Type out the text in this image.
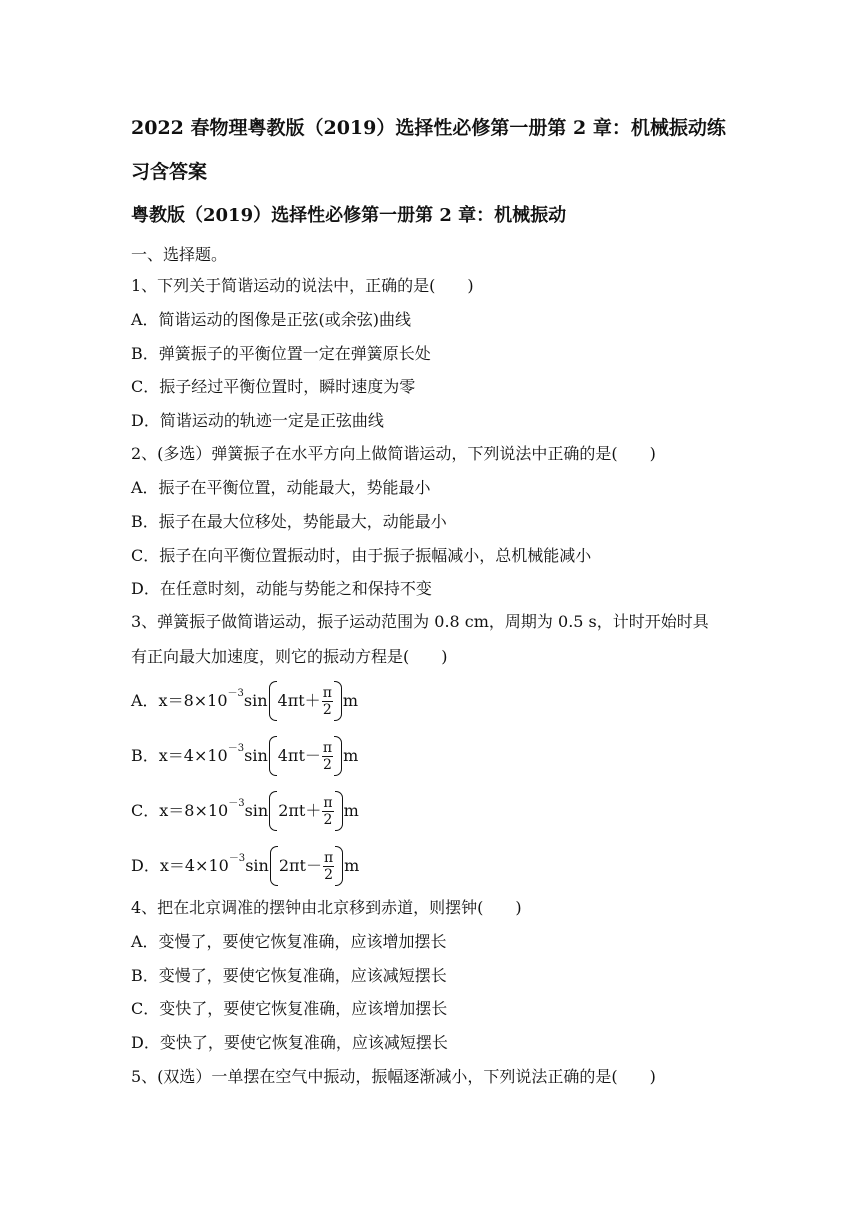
2022 春物理粤教版（2019）选择性必修第一册第 2 章：机械振动练
习含答案
粤教版（2019）选择性必修第一册第 2 章：机械振动
一、选择题。
1、下列关于简谐运动的说法中，正确的是(　　)
A．简谐运动的图像是正弦(或余弦)曲线
B．弹簧振子的平衡位置一定在弹簧原长处
C．振子经过平衡位置时，瞬时速度为零
D．简谐运动的轨迹一定是正弦曲线
2、(多选）弹簧振子在水平方向上做简谐运动，下列说法中正确的是(　　)
A．振子在平衡位置，动能最大，势能最小
B．振子在最大位移处，势能最大，动能最小
C．振子在向平衡位置振动时，由于振子振幅减小，总机械能减小
D．在任意时刻，动能与势能之和保持不变
3、弹簧振子做简谐运动，振子运动范围为 0.8 cm，周期为 0.5 s，计时开始时具
有正向最大加速度，则它的振动方程是(　　)
A．x＝8×10 －3 $\sin 4\pi t+ \frac{\pi}{2}$ m
B．x＝4×10 －3 $\sin 4\pi t- \frac{\pi}{2}$ m
C．x＝8×10 －3 $\sin 2\pi t+ \frac{\pi}{2}$ m
D．x＝4×10 －3 $\sin 2\pi t- \frac{\pi}{2}$ m
4、把在北京调准的摆钟由北京移到赤道，则摆钟(　　)
A．变慢了，要使它恢复准确，应该增加摆长
B．变慢了，要使它恢复准确，应该减短摆长
C．变快了，要使它恢复准确，应该增加摆长
D．变快了，要使它恢复准确，应该减短摆长
5、(双选）一单摆在空气中振动，振幅逐渐减小，下列说法正确的是(　　)
